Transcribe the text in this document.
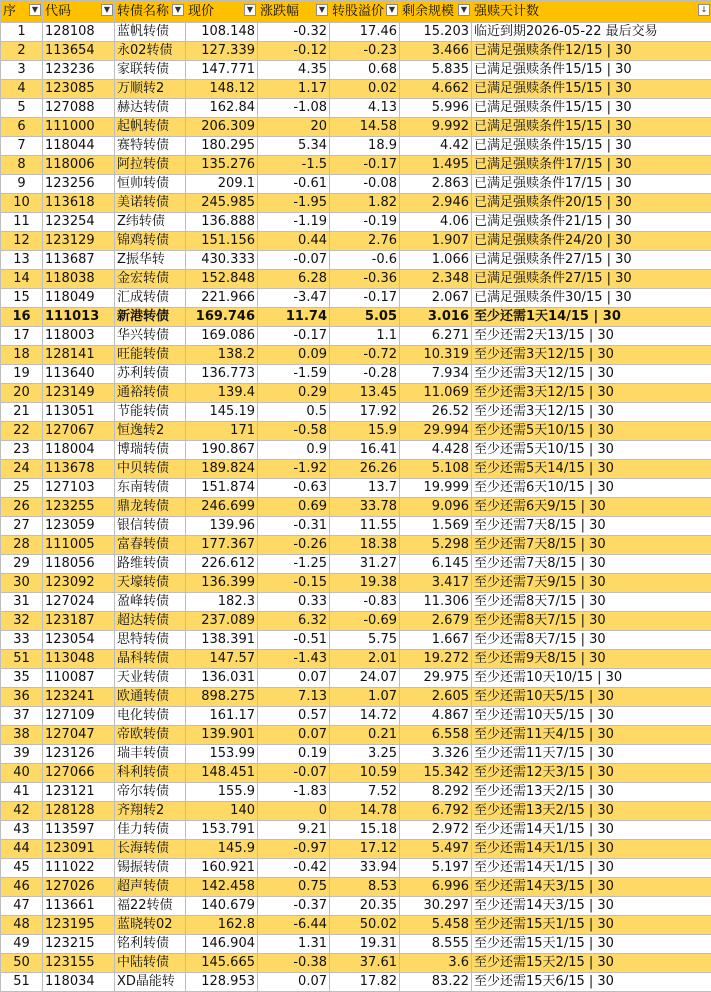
序 ▼	代码 ▼	转债名称 ▼	现价 ▼	涨跌幅 ▼	转股溢价 ▼	剩余规模 ▼	强赎天计数 ↓

1	128108	蓝帆转债	108.148	-0.32	17.46	15.203	临近到期2026-05-22 最后交易
2	113654	永02转债	127.339	-0.12	-0.23	3.466	已满足强赎条件12/15 | 30
3	123236	家联转债	147.771	4.35	0.68	5.835	已满足强赎条件15/15 | 30
4	123085	万顺转2	148.12	1.17	0.02	4.662	已满足强赎条件15/15 | 30
5	127088	赫达转债	162.84	-1.08	4.13	5.996	已满足强赎条件15/15 | 30
6	111000	起帆转债	206.309	20	14.58	9.992	已满足强赎条件15/15 | 30
7	118044	赛特转债	180.295	5.34	18.9	4.42	已满足强赎条件15/15 | 30
8	118006	阿拉转债	135.276	-1.5	-0.17	1.495	已满足强赎条件17/15 | 30
9	123256	恒帅转债	209.1	-0.61	-0.08	2.863	已满足强赎条件17/15 | 30
10	113618	美诺转债	245.985	-1.95	1.82	2.946	已满足强赎条件20/15 | 30
11	123254	Z纬转债	136.888	-1.19	-0.19	4.06	已满足强赎条件21/15 | 30
12	123129	锦鸡转债	151.156	0.44	2.76	1.907	已满足强赎条件24/20 | 30
13	113687	Z振华转	430.333	-0.07	-0.6	1.066	已满足强赎条件27/15 | 30
14	118038	金宏转债	152.848	6.28	-0.36	2.348	已满足强赎条件27/15 | 30
15	118049	汇成转债	221.966	-3.47	-0.17	2.067	已满足强赎条件30/15 | 30
16	111013	新港转债	169.746	11.74	5.05	3.016	至少还需1天14/15 | 30
17	118003	华兴转债	169.086	-0.17	1.1	6.271	至少还需2天13/15 | 30
18	128141	旺能转债	138.2	0.09	-0.72	10.319	至少还需3天12/15 | 30
19	113640	苏利转债	136.773	-1.59	-0.28	7.934	至少还需3天12/15 | 30
20	123149	通裕转债	139.4	0.29	13.45	11.069	至少还需3天12/15 | 30
21	113051	节能转债	145.19	0.5	17.92	26.52	至少还需3天12/15 | 30
22	127067	恒逸转2	171	-0.58	15.9	29.994	至少还需5天10/15 | 30
23	118004	博瑞转债	190.867	0.9	16.41	4.428	至少还需5天10/15 | 30
24	113678	中贝转债	189.824	-1.92	26.26	5.108	至少还需5天14/15 | 30
25	127103	东南转债	151.874	-0.63	13.7	19.999	至少还需6天10/15 | 30
26	123255	鼎龙转债	246.699	0.69	33.78	9.096	至少还需6天9/15 | 30
27	123059	银信转债	139.96	-0.31	11.55	1.569	至少还需7天8/15 | 30
28	111005	富春转债	177.367	-0.26	18.38	5.298	至少还需7天8/15 | 30
29	118056	路维转债	226.612	-1.25	31.27	6.145	至少还需7天8/15 | 30
30	123092	天壕转债	136.399	-0.15	19.38	3.417	至少还需7天9/15 | 30
31	127024	盈峰转债	182.3	0.33	-0.83	11.306	至少还需8天7/15 | 30
32	123187	超达转债	237.089	6.32	-0.69	2.679	至少还需8天7/15 | 30
33	123054	思特转债	138.391	-0.51	5.75	1.667	至少还需8天7/15 | 30
51	113048	晶科转债	147.57	-1.43	2.01	19.272	至少还需9天8/15 | 30
35	110087	天业转债	136.031	0.07	24.07	29.975	至少还需10天10/15 | 30
36	123241	欧通转债	898.275	7.13	1.07	2.605	至少还需10天5/15 | 30
37	127109	电化转债	161.17	0.57	14.72	4.867	至少还需10天5/15 | 30
38	127047	帝欧转债	139.901	0.07	0.21	6.558	至少还需11天4/15 | 30
39	123126	瑞丰转债	153.99	0.19	3.25	3.326	至少还需11天7/15 | 30
40	127066	科利转债	148.451	-0.07	10.59	15.342	至少还需12天3/15 | 30
41	123121	帝尔转债	155.9	-1.83	7.52	8.292	至少还需13天2/15 | 30
42	128128	齐翔转2	140	0	14.78	6.792	至少还需13天2/15 | 30
43	113597	佳力转债	153.791	9.21	15.18	2.972	至少还需14天1/15 | 30
44	123091	长海转债	145.9	-0.97	17.12	5.497	至少还需14天1/15 | 30
45	111022	锡振转债	160.921	-0.42	33.94	5.197	至少还需14天1/15 | 30
46	127026	超声转债	142.458	0.75	8.53	6.996	至少还需14天3/15 | 30
47	113661	福22转债	140.679	-0.37	20.35	30.297	至少还需14天3/15 | 30
48	123195	蓝晓转02	162.8	-6.44	50.02	5.458	至少还需15天1/15 | 30
49	123215	铭利转债	146.904	1.31	19.31	8.555	至少还需15天1/15 | 30
50	123155	中陆转债	145.665	-0.38	37.61	3.6	至少还需15天2/15 | 30
51	118034	XD晶能转	128.953	0.07	17.82	83.22	至少还需15天6/15 | 30
